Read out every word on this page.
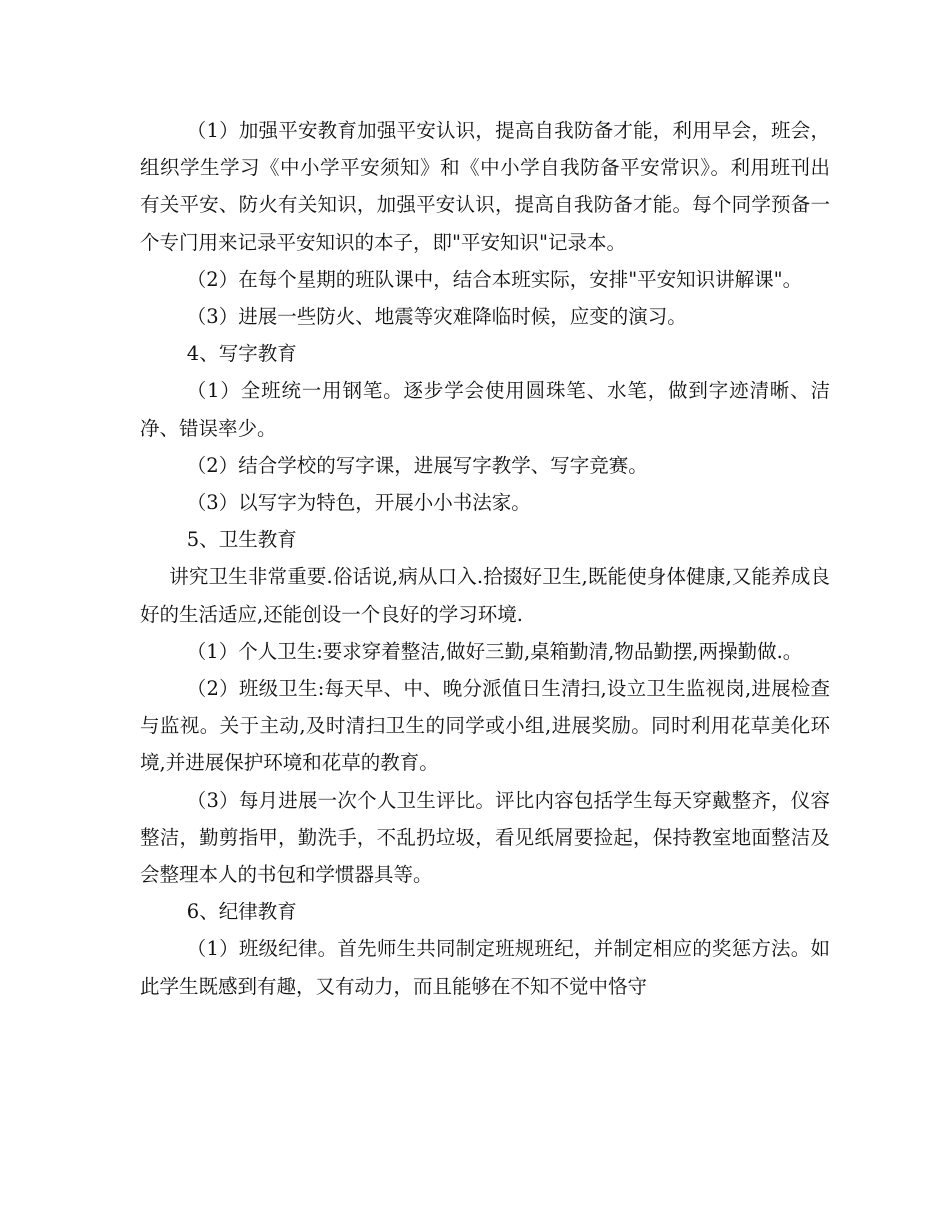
（1）加强平安教育加强平安认识，提高自我防备才能，利用早会，班会，组织学生学习《中小学平安须知》和《中小学自我防备平安常识》。利用班刊出有关平安、防火有关知识，加强平安认识，提高自我防备才能。每个同学预备一个专门用来记录平安知识的本子，即"平安知识"记录本。

（2）在每个星期的班队课中，结合本班实际，安排"平安知识讲解课"。

（3）进展一些防火、地震等灾难降临时候，应变的演习。

4、写字教育

（1）全班统一用钢笔。逐步学会使用圆珠笔、水笔，做到字迹清晰、洁净、错误率少。

（2）结合学校的写字课，进展写字教学、写字竞赛。

（3）以写字为特色，开展小小书法家。

5、卫生教育

讲究卫生非常重要.俗话说,病从口入.拾掇好卫生,既能使身体健康,又能养成良好的生活适应,还能创设一个良好的学习环境.

（1）个人卫生:要求穿着整洁,做好三勤,桌箱勤清,物品勤摆,两操勤做.。

（2）班级卫生:每天早、中、晚分派值日生清扫,设立卫生监视岗,进展检查与监视。关于主动,及时清扫卫生的同学或小组,进展奖励。同时利用花草美化环境,并进展保护环境和花草的教育。

（3）每月进展一次个人卫生评比。评比内容包括学生每天穿戴整齐，仪容整洁，勤剪指甲，勤洗手，不乱扔垃圾，看见纸屑要捡起，保持教室地面整洁及会整理本人的书包和学惯器具等。

6、纪律教育

（1）班级纪律。首先师生共同制定班规班纪，并制定相应的奖惩方法。如此学生既感到有趣，又有动力，而且能够在不知不觉中恪守
